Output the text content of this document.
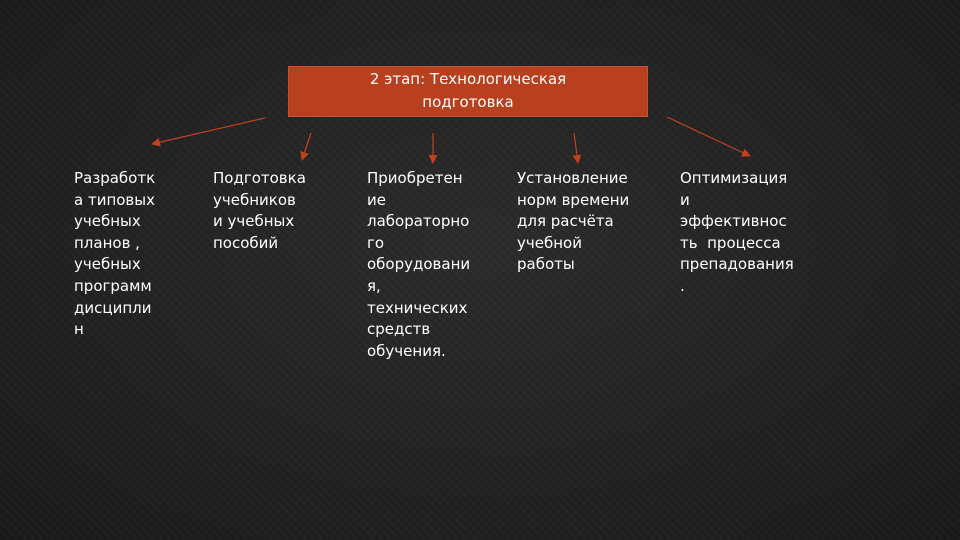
2 этап: Технологическая
подготовка
Разработк
а типовых
учебных
планов ,
учебных
программ
дисципли
н
Подготовка
учебников
и учебных
пособий
Приобретен
ие
лабораторно
го
оборудовани
я,
технических
средств
обучения.
Установление
норм времени
для расчёта
учебной
работы
Оптимизация
и
эффективнос
ть  процесса
препадования
.
